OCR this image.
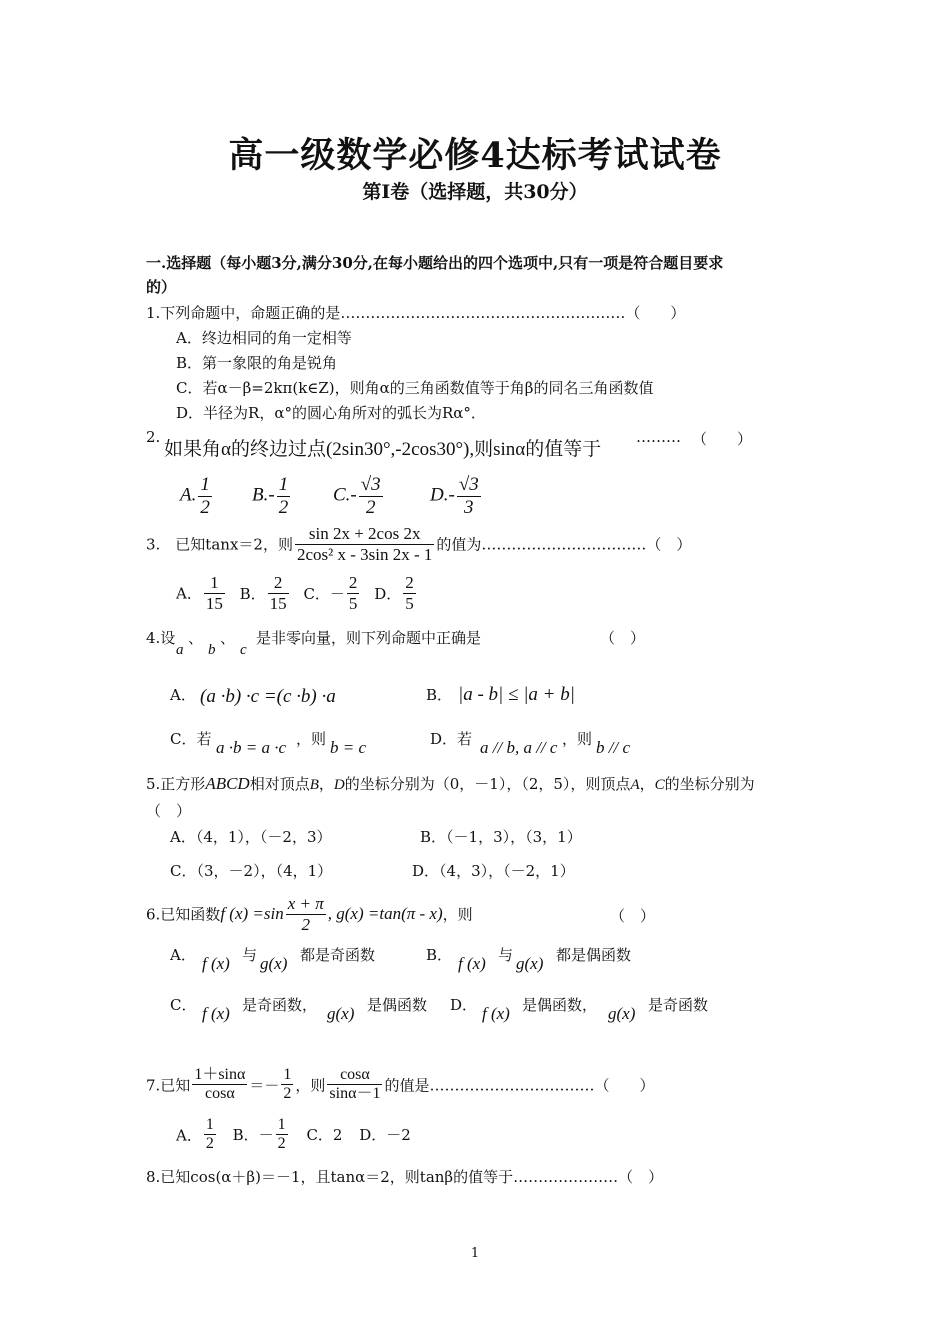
高一级数学必修4达标考试试卷
第Ⅰ卷（选择题，共30分）
一.选择题（每小题3分,满分30分,在每小题给出的四个选项中,只有一项是符合题目要求
的）
1.下列命题中，命题正确的是…………………………………………………（　　）
A．终边相同的角一定相等
B．第一象限的角是锐角
C．若α－β=2kπ(k∈Z)，则角α的三角函数值等于角β的同名三角函数值
D．半径为R，α°的圆心角所对的弧长为Rα°．
2.
如果角α的终边过点(2sin30°,-2cos30°),则sinα的值等于
……… （　　）
A. $\frac{1}{2} B.- \frac{1}{2} C.- \frac{√3}{2} D.- \frac{√3}{3}$
3.　已知tanx＝2，则 $\frac{\sin 2x + 2\cos 2x}{\text{2cos² x - 3sin 2x - 1}}$ 的值为……………………………（　）
A． $\frac{1}{15}$ B． $\frac{2}{15}$ C．－ $\frac{2}{5}$ D． $\frac{2}{5}$
4.设
a
、
b
、
c
是非零向量，则下列命题中正确是	（　）
A． (a ·b) ·c =(c ·b) ·a	B． |a - b| ≤ |a + b|
C．若 a ·b = a ·c ，则 b = c	D．若 a // b, a // c ，则 b // c
5.正方形ABCD相对顶点B，D的坐标分别为（0，－1），（2，5），则顶点A，C的坐标分别为
（　）
A．（4，1），（－2，3）	B．（－1，3），（3，1）
C．（3，－2），（4，1）	D．（4，3），（－2，1）
6.已知函数f $(x) =\sin \frac{x + \pi}{2}$ , g(x) =tan(π - x)，则	（　）
A． f (x) 与 g(x) 都是奇函数	B． f (x) 与 g(x) 都是偶函数
C． f (x) 是奇函数， g(x) 是偶函数 D． f (x) 是偶函数， g(x) 是奇函数
7.已知 $\frac{1+\sin\alpha}{\cos\alpha} =- \frac{1}{2}$ ，则 $\frac{\cos\alpha}{\sin\alpha-1}$ 的值是……………………………（　　）
A． $\frac{1}{2}$ B．－ $\frac{1}{2}$ C．2 D．－2
8.已知cos(α＋β)＝－1，且tanα＝2，则tanβ的值等于…………………（　）
1
